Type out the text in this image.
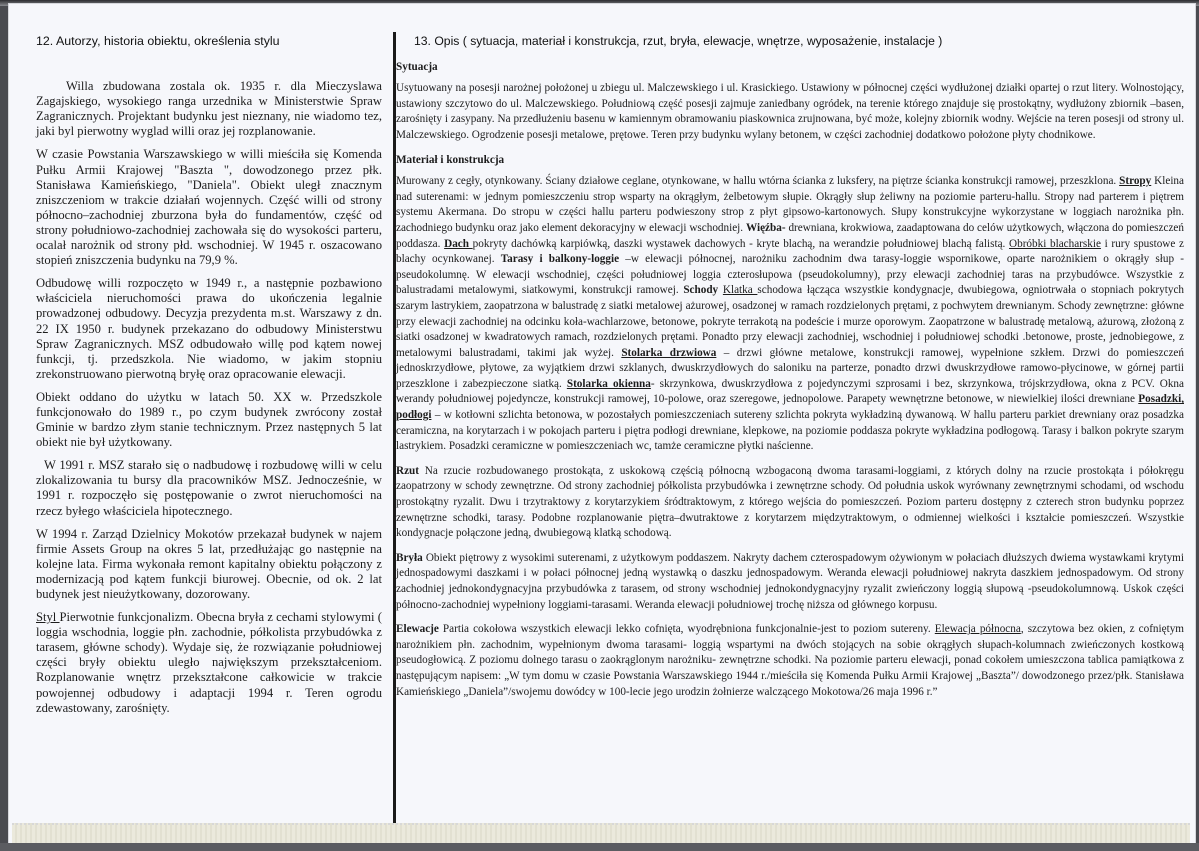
12. Autorzy, historia obiektu, określenia stylu

Willa zbudowana zostala ok. 1935 r. dla Mieczyslawa Zagajskiego, wysokiego ranga urzednika w Ministerstwie Spraw Zagranicznych. Projektant budynku jest nieznany, nie wiadomo tez, jaki byl pierwotny wyglad willi oraz jej rozplanowanie.

W czasie Powstania Warszawskiego w willi mieściła się Komenda Pułku Armii Krajowej "Baszta ", dowodzonego przez płk. Stanisława Kamieńskiego, "Daniela". Obiekt uległ znacznym zniszczeniom w trakcie działań wojennych. Część willi od strony północno–zachodniej zburzona była do fundamentów, część od strony południowo-zachodniej zachowała się do wysokości parteru, ocalał narożnik od strony płd. wschodniej. W 1945 r. oszacowano stopień zniszczenia budynku na 79,9 %.

Odbudowę willi rozpoczęto w 1949 r., a następnie pozbawiono właściciela nieruchomości prawa do ukończenia legalnie prowadzonej odbudowy. Decyzja prezydenta m.st. Warszawy z dn. 22 IX 1950 r. budynek przekazano do odbudowy Ministerstwu Spraw Zagranicznych. MSZ odbudowało willę pod kątem nowej funkcji, tj. przedszkola. Nie wiadomo, w jakim stopniu zrekonstruowano pierwotną bryłę oraz opracowanie elewacji.

Obiekt oddano do użytku w latach 50. XX w. Przedszkole funkcjonowało do 1989 r., po czym budynek zwrócony został Gminie w bardzo złym stanie technicznym. Przez następnych 5 lat obiekt nie był użytkowany.

W 1991 r. MSZ starało się o nadbudowę i rozbudowę willi w celu zlokalizowania tu bursy dla pracowników MSZ. Jednocześnie, w 1991 r. rozpoczęło się postępowanie o zwrot nieruchomości na rzecz byłego właściciela hipotecznego.

W 1994 r. Zarząd Dzielnicy Mokotów przekazał budynek w najem firmie Assets Group na okres 5 lat, przedłużając go następnie na kolejne lata. Firma wykonała remont kapitalny obiektu połączony z modernizacją pod kątem funkcji biurowej. Obecnie, od ok. 2 lat budynek jest nieużytkowany, dozorowany.

Styl Pierwotnie funkcjonalizm. Obecna bryła z cechami stylowymi ( loggia wschodnia, loggie płn. zachodnie, półkolista przybudówka z tarasem, główne schody). Wydaje się, że rozwiązanie południowej części bryły obiektu uległo największym przekształceniom. Rozplanowanie wnętrz przekształcone całkowicie w trakcie powojennej odbudowy i adaptacji 1994 r. Teren ogrodu zdewastowany, zarośnięty.

13. Opis ( sytuacja, materiał i konstrukcja, rzut, bryła, elewacje, wnętrze, wyposażenie, instalacje )
Sytuacja

Usytuowany na posesji narożnej położonej u zbiegu ul. Malczewskiego i ul. Krasickiego. Ustawiony w północnej części wydłużonej działki opartej o rzut litery. Wolnostojący, ustawiony szczytowo do ul. Malczewskiego. Południową część posesji zajmuje zaniedbany ogródek, na terenie którego znajduje się prostokątny, wydłużony zbiornik –basen, zarośnięty i zasypany. Na przedłużeniu basenu w kamiennym obramowaniu piaskownica zrujnowana, być może, kolejny zbiornik wodny. Wejście na teren posesji od strony ul. Malczewskiego. Ogrodzenie posesji metalowe, prętowe. Teren przy budynku wylany betonem, w części zachodniej dodatkowo położone płyty chodnikowe.

Materiał i konstrukcja

Murowany z cegły, otynkowany. Ściany działowe ceglane, otynkowane, w hallu wtórna ścianka z luksfery, na piętrze ścianka konstrukcji ramowej, przeszklona. Stropy Kleina nad suterenami: w jednym pomieszczeniu strop wsparty na okrągłym, żelbetowym słupie. Okrągły słup żeliwny na poziomie parteru-hallu. Stropy nad parterem i piętrem systemu Akermana. Do stropu w części hallu parteru podwieszony strop z płyt gipsowo-kartonowych. Słupy konstrukcyjne wykorzystane w loggiach narożnika płn. zachodniego budynku oraz jako element dekoracyjny w elewacji wschodniej. Więźba- drewniana, krokwiowa, zaadaptowana do celów użytkowych, włączona do pomieszczeń poddasza. Dach pokryty dachówką karpiówką, daszki wystawek dachowych - kryte blachą, na werandzie południowej blachą falistą. Obróbki blacharskie i rury spustowe z blachy ocynkowanej. Tarasy i balkony-loggie –w elewacji północnej, narożniku zachodnim dwa tarasy-loggie wspornikowe, oparte narożnikiem o okrągły słup - pseudokolumnę. W elewacji wschodniej, części południowej loggia czterosłupowa (pseudokolumny), przy elewacji zachodniej taras na przybudówce. Wszystkie z balustradami metalowymi, siatkowymi, konstrukcji ramowej. Schody Klatka schodowa łącząca wszystkie kondygnacje, dwubiegowa, ogniotrwała o stopniach pokrytych szarym lastrykiem, zaopatrzona w balustradę z siatki metalowej ażurowej, osadzonej w ramach rozdzielonych prętami, z pochwytem drewnianym. Schody zewnętrzne: główne przy elewacji zachodniej na odcinku koła-wachlarzowe, betonowe, pokryte terrakotą na podeście i murze oporowym. Zaopatrzone w balustradę metalową, ażurową, złożoną z siatki osadzonej w kwadratowych ramach, rozdzielonych prętami. Ponadto przy elewacji zachodniej, wschodniej i południowej schodki .betonowe, proste, jednobiegowe, z metalowymi balustradami, takimi jak wyżej. Stolarka drzwiowa – drzwi główne metalowe, konstrukcji ramowej, wypełnione szkłem. Drzwi do pomieszczeń jednoskrzydłowe, płytowe, za wyjątkiem drzwi szklanych, dwuskrzydłowych do saloniku na parterze, ponadto drzwi dwuskrzydłowe ramowo-płycinowe, w górnej partii przeszklone i zabezpieczone siatką. Stolarka okienna- skrzynkowa, dwuskrzydłowa z pojedynczymi szprosami i bez, skrzynkowa, trójskrzydłowa, okna z PCV. Okna werandy południowej pojedyncze, konstrukcji ramowej, 10-polowe, oraz szeregowe, jednopolowe. Parapety wewnętrzne betonowe, w niewielkiej ilości drewniane Posadzki, podłogi – w kotłowni szlichta betonowa, w pozostałych pomieszczeniach sutereny szlichta pokryta wykładziną dywanową. W hallu parteru parkiet drewniany oraz posadzka ceramiczna, na korytarzach i w pokojach parteru i piętra podłogi drewniane, klepkowe, na poziomie poddasza pokryte wykładzina podłogową. Tarasy i balkon pokryte szarym lastrykiem. Posadzki ceramiczne w pomieszczeniach wc, tamże ceramiczne płytki naścienne.

Rzut Na rzucie rozbudowanego prostokąta, z uskokową częścią północną wzbogaconą dwoma tarasami-loggiami, z których dolny na rzucie prostokąta i półokręgu zaopatrzony w schody zewnętrzne. Od strony zachodniej półkolista przybudówka i zewnętrzne schody. Od południa uskok wyrównany zewnętrznymi schodami, od wschodu prostokątny ryzalit. Dwu i trzytraktowy z korytarzykiem śródtraktowym, z którego wejścia do pomieszczeń. Poziom parteru dostępny z czterech stron budynku poprzez zewnętrzne schodki, tarasy. Podobne rozplanowanie piętra–dwutraktowe z korytarzem międzytraktowym, o odmiennej wielkości i kształcie pomieszczeń. Wszystkie kondygnacje połączone jedną, dwubiegową klatką schodową.

Bryła Obiekt piętrowy z wysokimi suterenami, z użytkowym poddaszem. Nakryty dachem czterospadowym ożywionym w połaciach dłuższych dwiema wystawkami krytymi jednospadowymi daszkami i w połaci północnej jedną wystawką o daszku jednospadowym. Weranda elewacji południowej nakryta daszkiem jednospadowym. Od strony zachodniej jednokondygnacyjna przybudówka z tarasem, od strony wschodniej jednokondygnacyjny ryzalit zwieńczony loggią słupową -pseudokolumnową. Uskok części północno-zachodniej wypełniony loggiami-tarasami. Weranda elewacji południowej trochę niższa od głównego korpusu.

Elewacje Partia cokołowa wszystkich elewacji lekko cofnięta, wyodrębniona funkcjonalnie-jest to poziom sutereny. Elewacja północna, szczytowa bez okien, z cofniętym narożnikiem płn. zachodnim, wypełnionym dwoma tarasami- loggią wspartymi na dwóch stojących na sobie okrągłych słupach-kolumnach zwieńczonych kostkową pseudogłowicą. Z poziomu dolnego tarasu o zaokrąglonym narożniku- zewnętrzne schodki. Na poziomie parteru elewacji, ponad cokołem umieszczona tablica pamiątkowa z następującym napisem: „W tym domu w czasie Powstania Warszawskiego 1944 r./mieściła się Komenda Pułku Armii Krajowej „Baszta”/ dowodzonego przez/płk. Stanisława Kamieńskiego „Daniela”/swojemu dowódcy w 100-lecie jego urodzin żołnierze walczącego Mokotowa/26 maja 1996 r.”
